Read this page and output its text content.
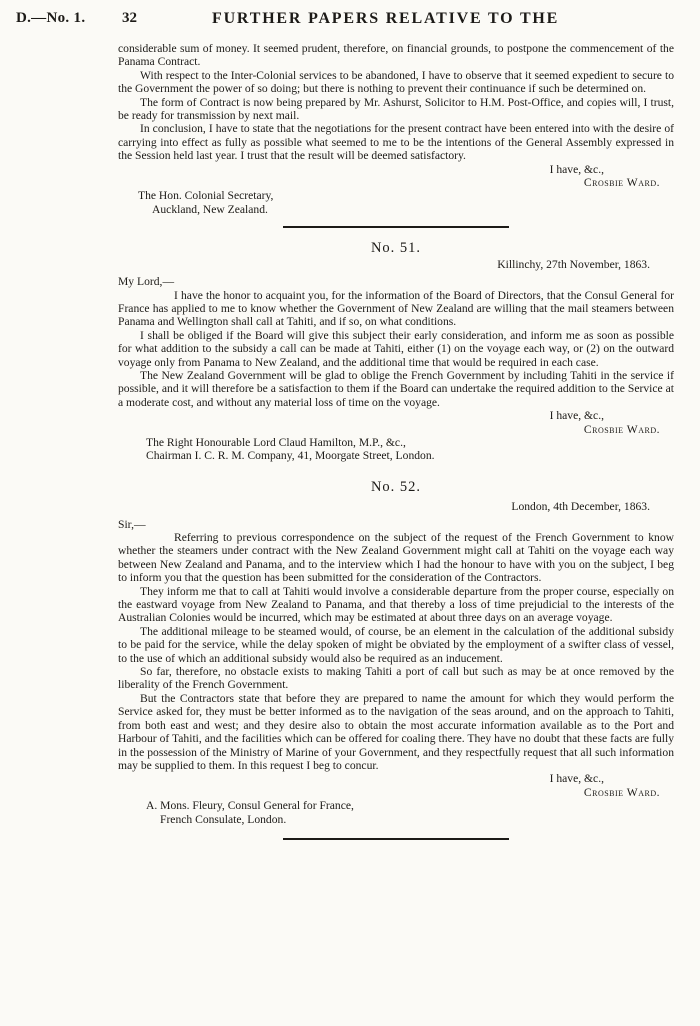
D.—No. 1. 32	FURTHER PAPERS RELATIVE TO THE

considerable sum of money. It seemed prudent, therefore, on financial grounds, to postpone the commencement of the Panama Contract.

With respect to the Inter-Colonial services to be abandoned, I have to observe that it seemed expedient to secure to the Government the power of so doing; but there is nothing to prevent their continuance if such be determined on.

The form of Contract is now being prepared by Mr. Ashurst, Solicitor to H.M. Post-Office, and copies will, I trust, be ready for transmission by next mail.

In conclusion, I have to state that the negotiations for the present contract have been entered into with the desire of carrying into effect as fully as possible what seemed to me to be the intentions of the General Assembly expressed in the Session held last year. I trust that the result will be deemed satisfactory.

I have, &c.,
Crosbie Ward.
The Hon. Colonial Secretary,
Auckland, New Zealand.
No. 51.
Killinchy, 27th November, 1863.

My Lord,—

I have the honor to acquaint you, for the information of the Board of Directors, that the Consul General for France has applied to me to know whether the Government of New Zealand are willing that the mail steamers between Panama and Wellington shall call at Tahiti, and if so, on what conditions.

I shall be obliged if the Board will give this subject their early consideration, and inform me as soon as possible for what addition to the subsidy a call can be made at Tahiti, either (1) on the voyage each way, or (2) on the outward voyage only from Panama to New Zealand, and the additional time that would be required in each case.

The New Zealand Government will be glad to oblige the French Government by including Tahiti in the service if possible, and it will therefore be a satisfaction to them if the Board can undertake the required addition to the Service at a moderate cost, and without any material loss of time on the voyage.

I have, &c.,
Crosbie Ward.
The Right Honourable Lord Claud Hamilton, M.P., &c.,
Chairman I. C. R. M. Company, 41, Moorgate Street, London.
No. 52.
London, 4th December, 1863.

Sir,—

Referring to previous correspondence on the subject of the request of the French Government to know whether the steamers under contract with the New Zealand Government might call at Tahiti on the voyage each way between New Zealand and Panama, and to the interview which I had the honour to have with you on the subject, I beg to inform you that the question has been submitted for the consideration of the Contractors.

They inform me that to call at Tahiti would involve a considerable departure from the proper course, especially on the eastward voyage from New Zealand to Panama, and that thereby a loss of time prejudicial to the interests of the Australian Colonies would be incurred, which may be estimated at about three days on an average voyage.

The additional mileage to be steamed would, of course, be an element in the calculation of the additional subsidy to be paid for the service, while the delay spoken of might be obviated by the employment of a swifter class of vessel, to the use of which an additional subsidy would also be required as an inducement.

So far, therefore, no obstacle exists to making Tahiti a port of call but such as may be at once removed by the liberality of the French Government.

But the Contractors state that before they are prepared to name the amount for which they would perform the Service asked for, they must be better informed as to the navigation of the seas around, and on the approach to Tahiti, from both east and west; and they desire also to obtain the most accurate information available as to the Port and Harbour of Tahiti, and the facilities which can be offered for coaling there. They have no doubt that these facts are fully in the possession of the Ministry of Marine of your Government, and they respectfully request that all such information may be supplied to them. In this request I beg to concur.

I have, &c.,
Crosbie Ward.
A. Mons. Fleury, Consul General for France,
French Consulate, London.
